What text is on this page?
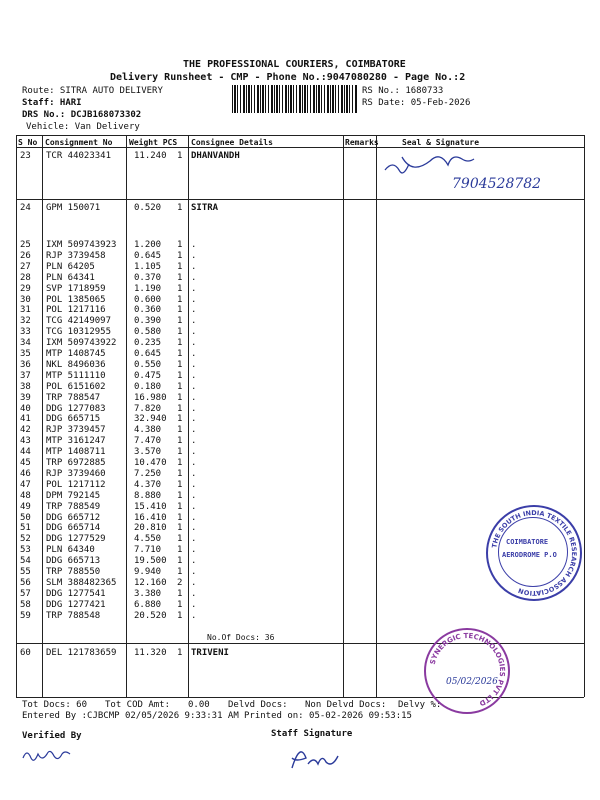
THE PROFESSIONAL COURIERS, COIMBATORE
Delivery Runsheet - CMP - Phone No.:9047080280 - Page No.:2
Route: SITRA AUTO DELIVERY
Staff: HARI
DRS No.: DCJB168073302
Vehicle: Van Delivery
RS No.: 1680733
RS Date: 05-Feb-2026
S No Consignment No Weight PCS Consignee Details	Remarks	Seal & Signature
23 TCR 44023341	11.240 1 DHANVANDH
24 GPM 150071	0.520 1 SITRA
25 IXM 509743923 1.200 1 .
26 RJP 3739458	0.645 1 .
27 PLN 64205	1.105 1 .
28 PLN 64341	0.370 1 .
29 SVP 1718959	1.190 1 .
30 POL 1385065	0.600 1 .
31 POL 1217116	0.360 1 .
32 TCG 42149097	0.390 1 .
33 TCG 10312955	0.580 1 .
34 IXM 509743922 0.235 1 .
35 MTP 1408745	0.645 1 .
36 NKL 8496036	0.550 1 .
37 MTP 5111110	0.475 1 .
38 POL 6151602	0.180 1 .
39 TRP 788547	16.980 1 .
40 DDG 1277083	7.820 1 .
41 DDG 665715	32.940 1 .
42 RJP 3739457	4.380 1 .
43 MTP 3161247	7.470 1 .
44 MTP 1408711	3.570 1 .
45 TRP 6972885	10.470 1 .
46 RJP 3739460	7.250 1 .
47 POL 1217112	4.370 1 .
48 DPM 792145	8.880 1 .
49 TRP 788549	15.410 1 .
50 DDG 665712	16.410 1 .
51 DDG 665714	20.810 1 .
52 DDG 1277529	4.550 1 .
53 PLN 64340	7.710 1 .
54 DDG 665713	19.500 1 .
55 TRP 788550	9.940 1 .
56 SLM 388482365 12.160 2 .
57 DDG 1277541	3.380 1 .
58 DDG 1277421	6.880 1 .
59 TRP 788548	20.520 1 .
No.Of Docs: 36
60 DEL 121783659 11.320 1 TRIVENI
Tot Docs: 60 Tot COD Amt: 0.00 Delvd Docs: Non Delvd Docs: Delvy %:
Entered By :CJBCMP 02/05/2026 9:33:31 AM Printed on: 05-02-2026 09:53:15
Verified By	Staff Signature
7904528782
THE SOUTH INDIA TEXTILE RESEARCH ASSOCIATION
COIMBATORE
AERODROME P.O
SYNERGIC TECHNOLOGIES PVT LTD
05/02/2026
